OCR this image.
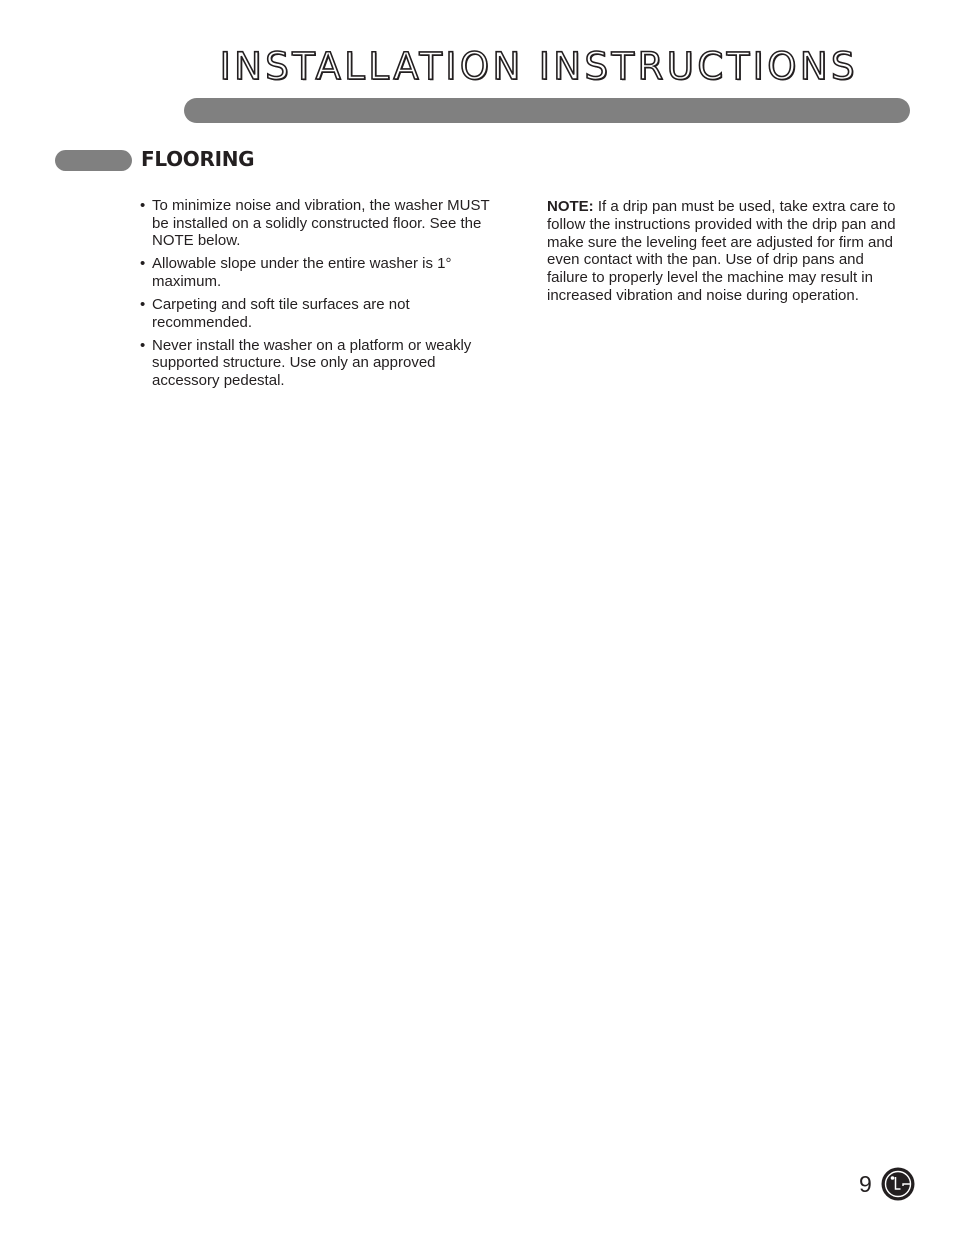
INSTALLATION INSTRUCTIONS
FLOORING
• To minimize noise and vibration, the washer MUST be installed on a solidly constructed floor. See the NOTE below.
• Allowable slope under the entire washer is 1° maximum.
• Carpeting and soft tile surfaces are not recommended.
• Never install the washer on a platform or weakly supported structure. Use only an approved accessory pedestal.

NOTE: If a drip pan must be used, take extra care to follow the instructions provided with the drip pan and make sure the leveling feet are adjusted for firm and even contact with the pan. Use of drip pans and failure to properly level the machine may result in increased vibration and noise during operation.

9
